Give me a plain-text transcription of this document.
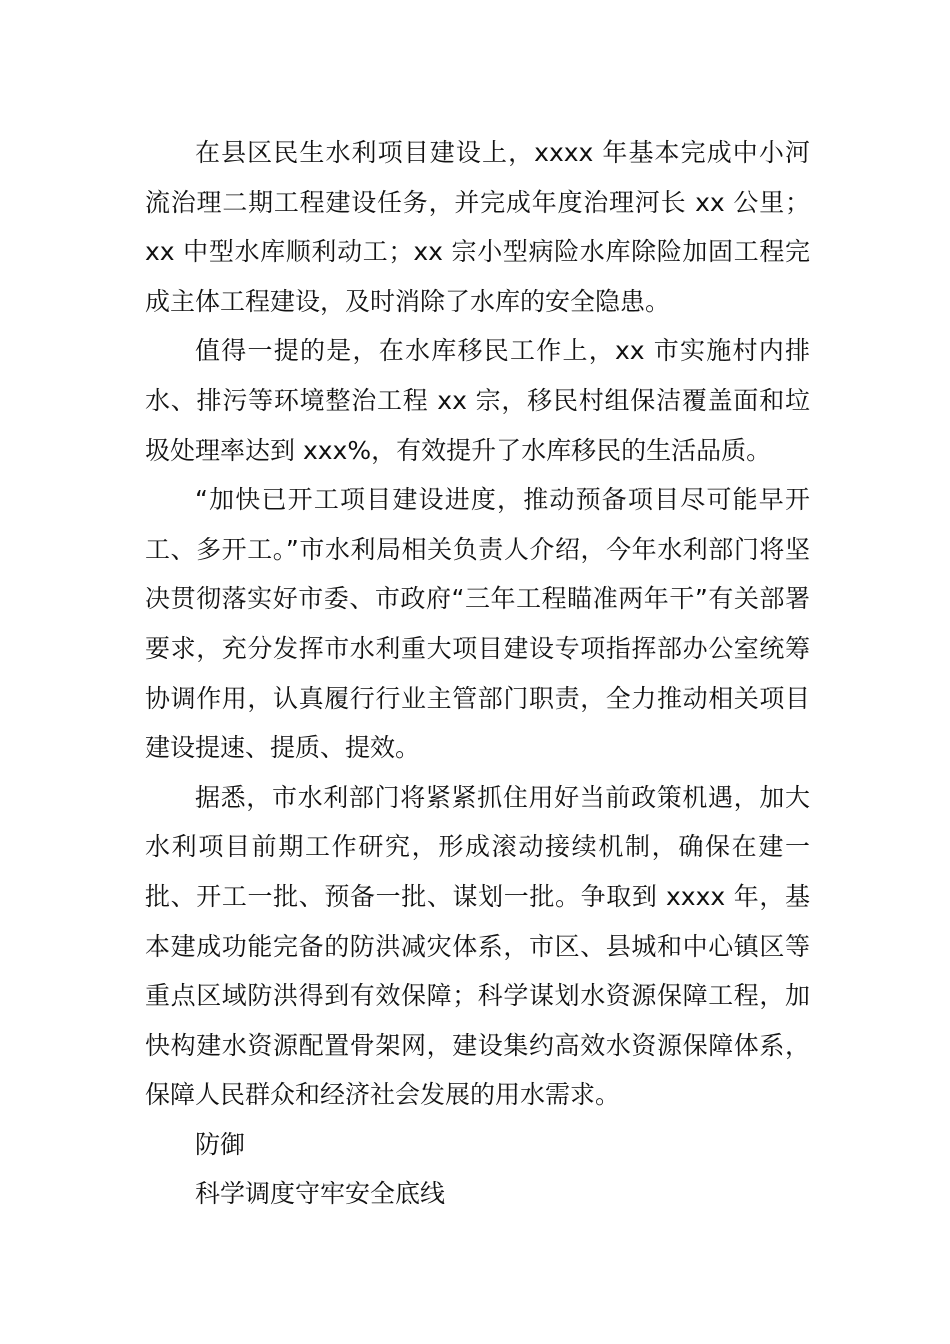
在县区民生水利项目建设上，xxxx 年基本完成中小河流治理二期工程建设任务，并完成年度治理河长 xx 公里；xx 中型水库顺利动工；xx 宗小型病险水库除险加固工程完成主体工程建设，及时消除了水库的安全隐患。

值得一提的是，在水库移民工作上，xx 市实施村内排水、排污等环境整治工程 xx 宗，移民村组保洁覆盖面和垃圾处理率达到 xxx%，有效提升了水库移民的生活品质。

“加快已开工项目建设进度，推动预备项目尽可能早开工、多开工。”市水利局相关负责人介绍，今年水利部门将坚决贯彻落实好市委、市政府“三年工程瞄准两年干”有关部署要求，充分发挥市水利重大项目建设专项指挥部办公室统筹协调作用，认真履行行业主管部门职责，全力推动相关项目建设提速、提质、提效。

据悉，市水利部门将紧紧抓住用好当前政策机遇，加大水利项目前期工作研究，形成滚动接续机制，确保在建一批、开工一批、预备一批、谋划一批。争取到 xxxx 年，基本建成功能完备的防洪减灾体系，市区、县城和中心镇区等重点区域防洪得到有效保障；科学谋划水资源保障工程，加快构建水资源配置骨架网，建设集约高效水资源保障体系，保障人民群众和经济社会发展的用水需求。

防御

科学调度守牢安全底线
